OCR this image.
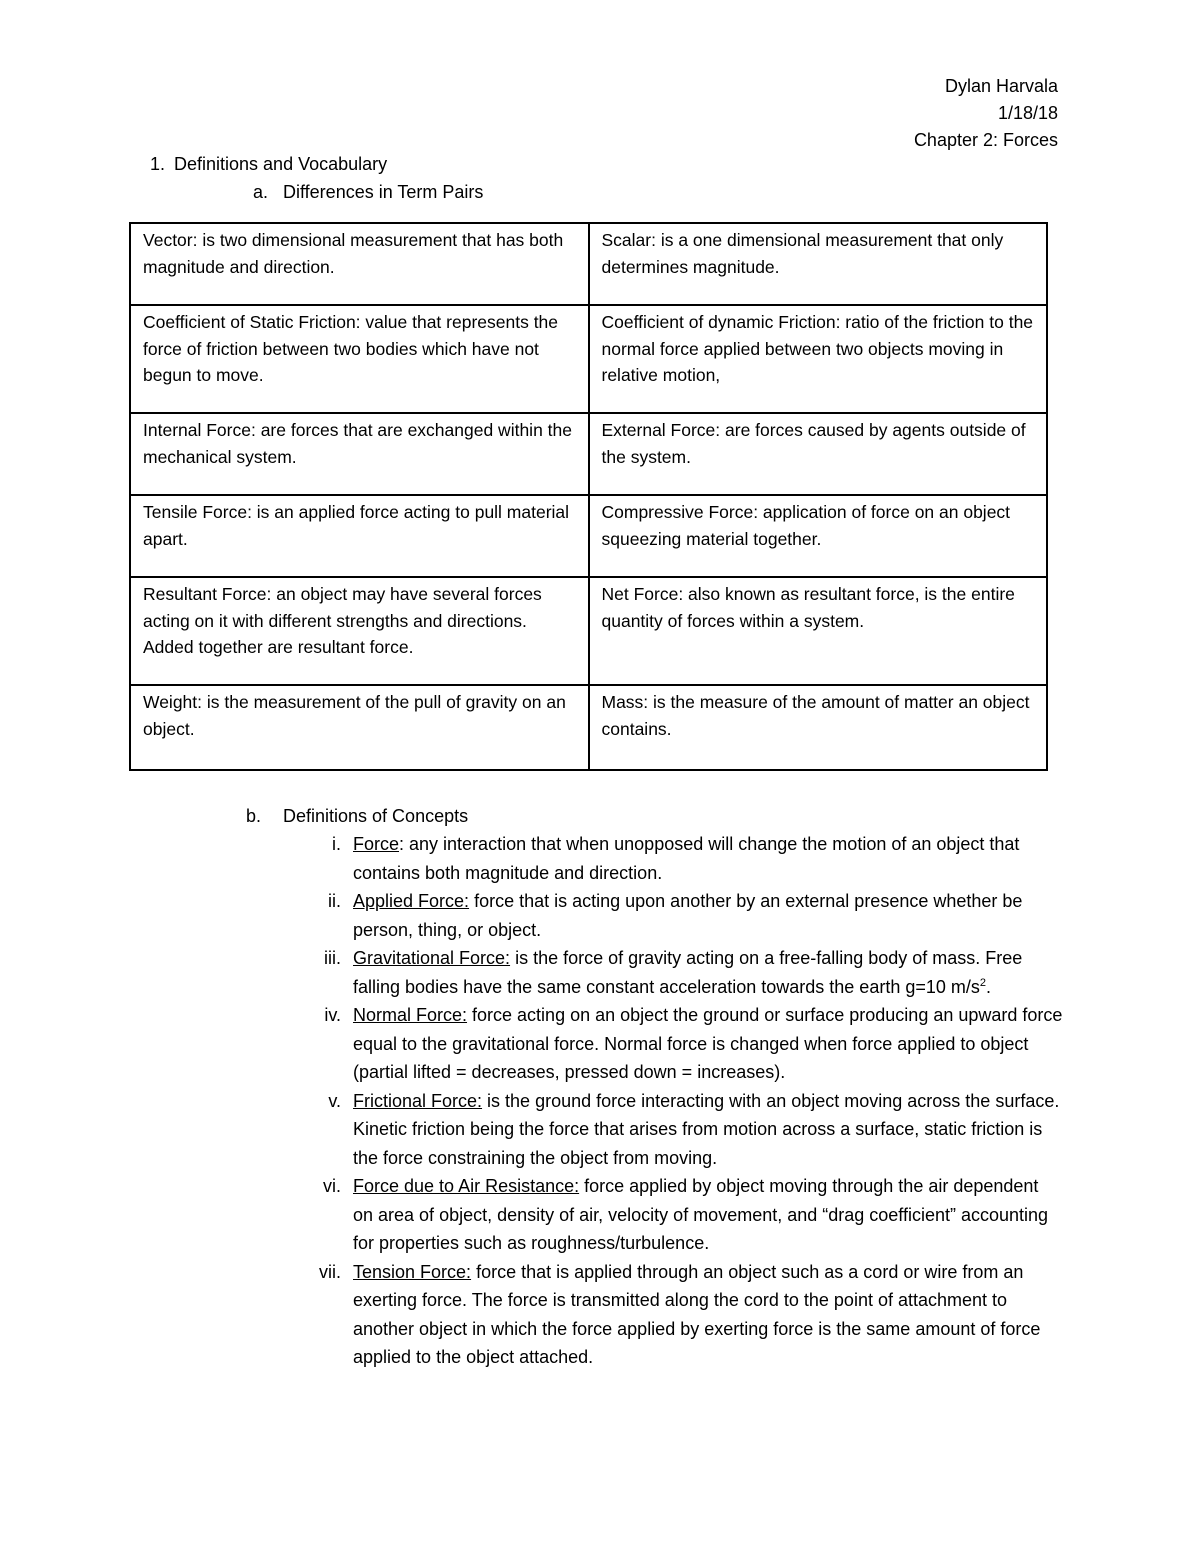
Dylan Harvala
1/18/18
Chapter 2: Forces
1. Definitions and Vocabulary
a. Differences in Term Pairs
Vector: is two dimensional measurement that has both magnitude and direction.	Scalar: is a one dimensional measurement that only determines magnitude.
Coefficient of Static Friction: value that represents the force of friction between two bodies which have not begun to move.	Coefficient of dynamic Friction: ratio of the friction to the normal force applied between two objects moving in relative motion,
Internal Force: are forces that are exchanged within the mechanical system.	External Force: are forces caused by agents outside of the system.
Tensile Force: is an applied force acting to pull material apart.	Compressive Force: application of force on an object squeezing material together.
Resultant Force: an object may have several forces acting on it with different strengths and directions. Added together are resultant force.	Net Force: also known as resultant force, is the entire quantity of forces within a system.
Weight: is the measurement of the pull of gravity on an object.	Mass: is the measure of the amount of matter an object contains.
b. Definitions of Concepts
i. Force: any interaction that when unopposed will change the motion of an object that contains both magnitude and direction.
ii. Applied Force: force that is acting upon another by an external presence whether be person, thing, or object.
iii. Gravitational Force: is the force of gravity acting on a free-falling body of mass. Free falling bodies have the same constant acceleration towards the earth g=10 $m/s^2$.
iv. Normal Force: force acting on an object the ground or surface producing an upward force equal to the gravitational force. Normal force is changed when force applied to object (partial lifted = decreases, pressed down = increases).
v. Frictional Force: is the ground force interacting with an object moving across the surface. Kinetic friction being the force that arises from motion across a surface, static friction is the force constraining the object from moving.
vi. Force due to Air Resistance: force applied by object moving through the air dependent on area of object, density of air, velocity of movement, and “drag coefficient” accounting for properties such as roughness/turbulence.
vii. Tension Force: force that is applied through an object such as a cord or wire from an exerting force. The force is transmitted along the cord to the point of attachment to another object in which the force applied by exerting force is the same amount of force applied to the object attached.
